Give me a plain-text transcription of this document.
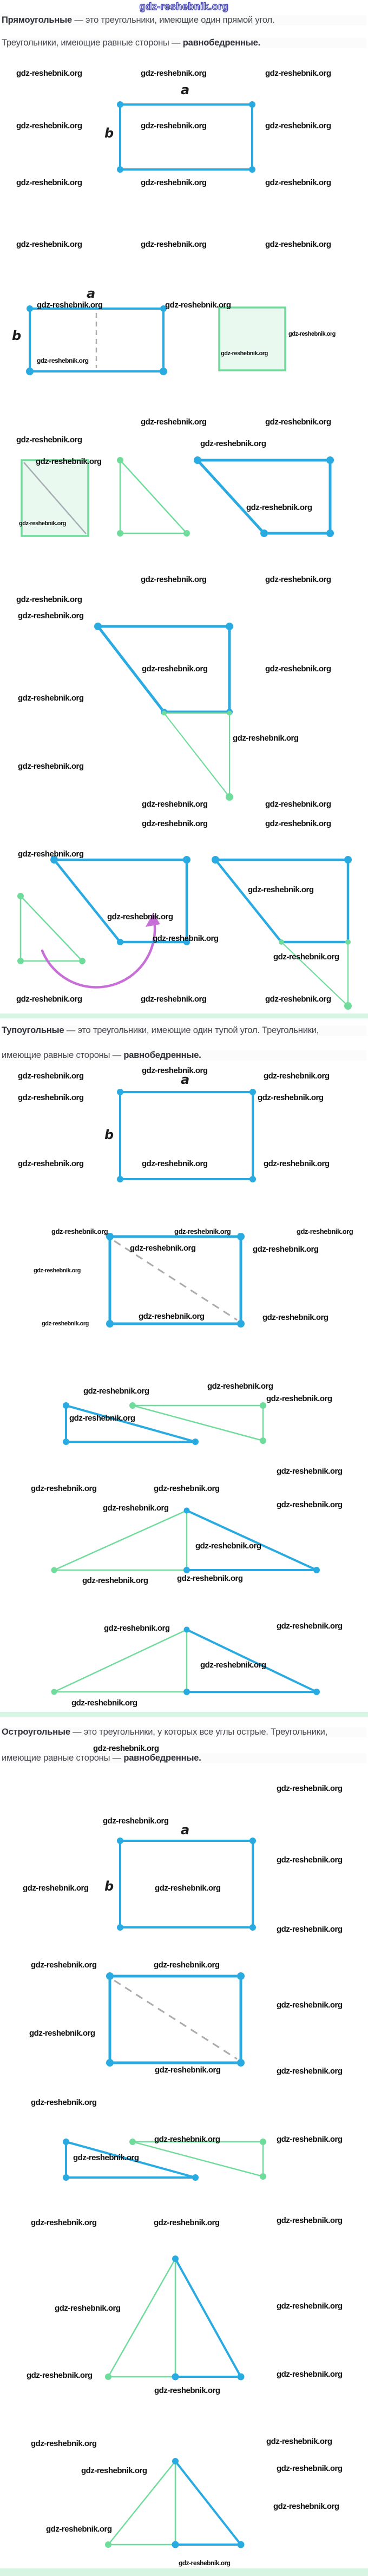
gdz-reshebnik.org
Прямоугольные — это треугольники, имеющие один прямой угол.
Треугольники, имеющие равные стороны — равнобедренные.
Тупоугольные — это треугольники, имеющие один тупой угол. Треугольники,
имеющие равные стороны — равнобедренные.
Остроугольные — это треугольники, у которых все углы острые. Треугольники,
имеющие равные стороны — равнобедренные.
a
b
a
b
a
b
a
b
gdz-reshebnik.org	gdz-reshebnik.org	gdz-reshebnik.org
gdz-reshebnik.org	gdz-reshebnik.org	gdz-reshebnik.org
gdz-reshebnik.org	gdz-reshebnik.org	gdz-reshebnik.org
gdz-reshebnik.org	gdz-reshebnik.org	gdz-reshebnik.org
gdz-reshebnik.org	gdz-reshebnik.org
gdz-reshebnik.org
gdz-reshebnik.org
gdz-reshebnik.org
gdz-reshebnik.org	gdz-reshebnik.org
gdz-reshebnik.org
gdz-reshebnik.org
gdz-reshebnik.org
gdz-reshebnik.org
gdz-reshebnik.org
gdz-reshebnik.org	gdz-reshebnik.org
gdz-reshebnik.org
gdz-reshebnik.org
gdz-reshebnik.org	gdz-reshebnik.org
gdz-reshebnik.org
gdz-reshebnik.org
gdz-reshebnik.org
gdz-reshebnik.org	gdz-reshebnik.org
gdz-reshebnik.org	gdz-reshebnik.org
gdz-reshebnik.org
gdz-reshebnik.org
gdz-reshebnik.org
gdz-reshebnik.org
gdz-reshebnik.org
gdz-reshebnik.org	gdz-reshebnik.org	gdz-reshebnik.org
gdz-reshebnik.org
gdz-reshebnik.org
gdz-reshebnik.org
gdz-reshebnik.org	gdz-reshebnik.org
gdz-reshebnik.org	gdz-reshebnik.org	gdz-reshebnik.org
gdz-reshebnik.org	gdz-reshebnik.org	gdz-reshebnik.org
gdz-reshebnik.org	gdz-reshebnik.org
gdz-reshebnik.org
gdz-reshebnik.org	gdz-reshebnik.org
gdz-reshebnik.org
gdz-reshebnik.org
gdz-reshebnik.org
gdz-reshebnik.org
gdz-reshebnik.org
gdz-reshebnik.org
gdz-reshebnik.org	gdz-reshebnik.org
gdz-reshebnik.org	gdz-reshebnik.org
gdz-reshebnik.org
gdz-reshebnik.org	gdz-reshebnik.org
gdz-reshebnik.org	gdz-reshebnik.org
gdz-reshebnik.org
gdz-reshebnik.org
gdz-reshebnik.org
gdz-reshebnik.org
gdz-reshebnik.org
gdz-reshebnik.org
gdz-reshebnik.org	gdz-reshebnik.org
gdz-reshebnik.org
gdz-reshebnik.org	gdz-reshebnik.org
gdz-reshebnik.org
gdz-reshebnik.org
gdz-reshebnik.org	gdz-reshebnik.org
gdz-reshebnik.org
gdz-reshebnik.org	gdz-reshebnik.org
gdz-reshebnik.org
gdz-reshebnik.org	gdz-reshebnik.org	gdz-reshebnik.org
gdz-reshebnik.org	gdz-reshebnik.org
gdz-reshebnik.org	gdz-reshebnik.org
gdz-reshebnik.org
gdz-reshebnik.org	gdz-reshebnik.org
gdz-reshebnik.org	gdz-reshebnik.org
gdz-reshebnik.org
gdz-reshebnik.org
gdz-reshebnik.org
